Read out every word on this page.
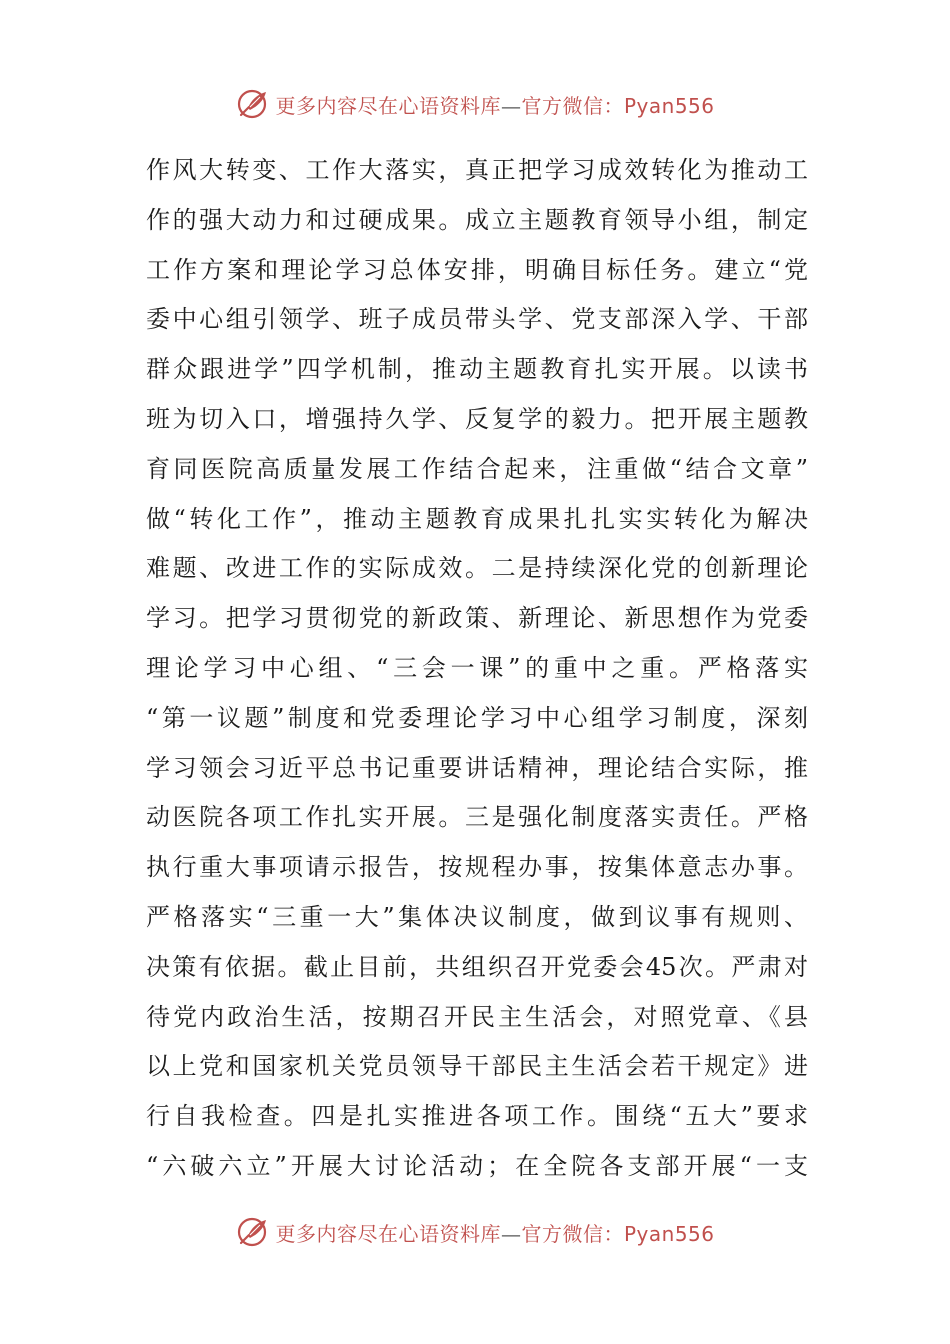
更多内容尽在心语资料库—官方微信：Pyan556
作风大转变、工作大落实，真正把学习成效转化为推动工
作的强大动力和过硬成果。成立主题教育领导小组，制定
工作方案和理论学习总体安排，明确目标任务。建立“党
委中心组引领学、班子成员带头学、党支部深入学、干部
群众跟进学”四学机制，推动主题教育扎实开展。以读书
班为切入口，增强持久学、反复学的毅力。把开展主题教
育同医院高质量发展工作结合起来，注重做“结合文章”
做“转化工作”，推动主题教育成果扎扎实实转化为解决
难题、改进工作的实际成效。二是持续深化党的创新理论
学习。把学习贯彻党的新政策、新理论、新思想作为党委
理论学习中心组、“三会一课”的重中之重。严格落实
“第一议题”制度和党委理论学习中心组学习制度，深刻
学习领会习近平总书记重要讲话精神，理论结合实际，推
动医院各项工作扎实开展。三是强化制度落实责任。严格
执行重大事项请示报告，按规程办事，按集体意志办事。
严格落实“三重一大”集体决议制度，做到议事有规则、
决策有依据。截止目前，共组织召开党委会45次。严肃对
待党内政治生活，按期召开民主生活会，对照党章、《县
以上党和国家机关党员领导干部民主生活会若干规定》进
行自我检查。四是扎实推进各项工作。围绕“五大”要求
“六破六立”开展大讨论活动；在全院各支部开展“一支
更多内容尽在心语资料库—官方微信：Pyan556
